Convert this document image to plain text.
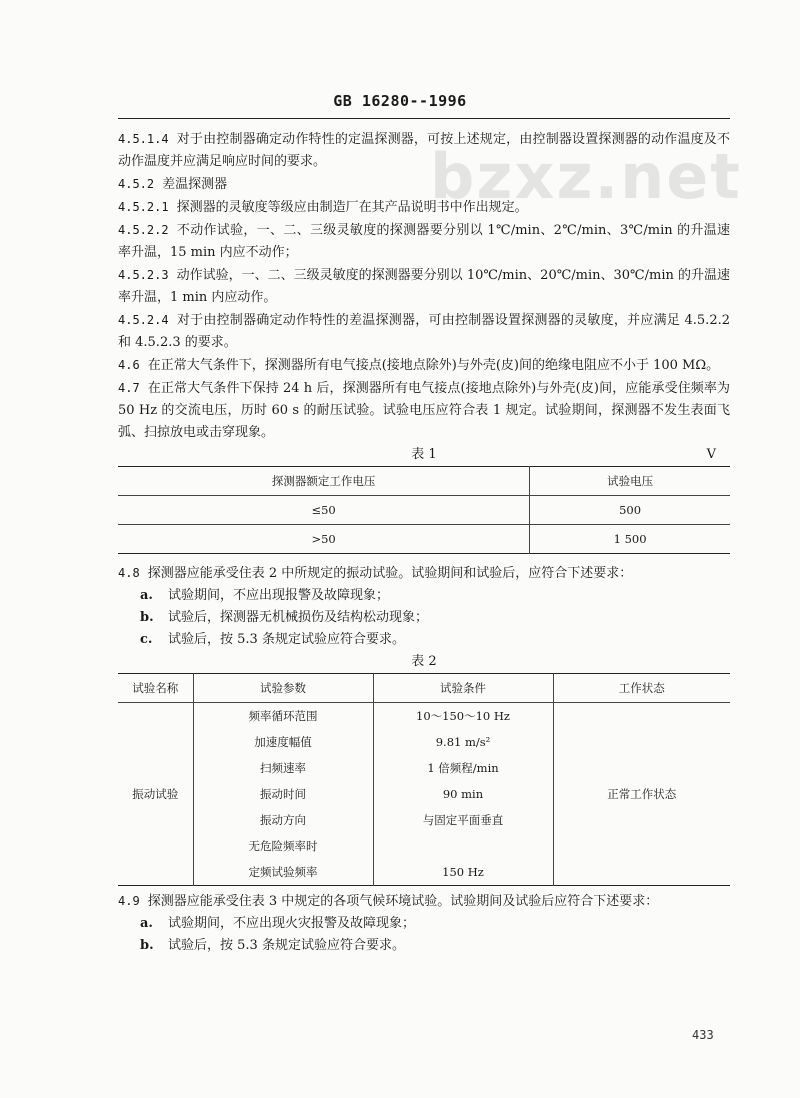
GB 16280--1996
bzxz.net

4.5.1.4 对于由控制器确定动作特性的定温探测器，可按上述规定，由控制器设置探测器的动作温度及不动作温度并应满足响应时间的要求。

4.5.2 差温探测器

4.5.2.1 探测器的灵敏度等级应由制造厂在其产品说明书中作出规定。

4.5.2.2 不动作试验，一、二、三级灵敏度的探测器要分别以 1℃/min、2℃/min、3℃/min 的升温速率升温，15 min 内应不动作；

4.5.2.3 动作试验，一、二、三级灵敏度的探测器要分别以 10℃/min、20℃/min、30℃/min 的升温速率升温，1 min 内应动作。

4.5.2.4 对于由控制器确定动作特性的差温探测器，可由控制器设置探测器的灵敏度，并应满足 4.5.2.2 和 4.5.2.3 的要求。

4.6 在正常大气条件下，探测器所有电气接点(接地点除外)与外壳(皮)间的绝缘电阻应不小于 100 MΩ。

4.7 在正常大气条件下保持 24 h 后，探测器所有电气接点(接地点除外)与外壳(皮)间，应能承受住频率为 50 Hz 的交流电压，历时 60 s 的耐压试验。试验电压应符合表 1 规定。试验期间，探测器不发生表面飞弧、扫掠放电或击穿现象。

表 1	V
探测器额定工作电压	试验电压
≤50	500
>50	1 500

4.8 探测器应能承受住表 2 中所规定的振动试验。试验期间和试验后，应符合下述要求：

a. 试验期间，不应出现报警及故障现象；

b. 试验后，探测器无机械损伤及结构松动现象；

c. 试验后，按 5.3 条规定试验应符合要求。

表 2
试验名称	试验参数	试验条件	工作状态
振动试验	频率循环范围	10～150～10 Hz	正常工作状态
	加速度幅值	9.81 m/s²	
	扫频速率	1 倍频程/min	
	振动时间	90 min	
	振动方向	与固定平面垂直	
	无危险频率时		
	定频试验频率	150 Hz	

4.9 探测器应能承受住表 3 中规定的各项气候环境试验。试验期间及试验后应符合下述要求：

a. 试验期间，不应出现火灾报警及故障现象；

b. 试验后，按 5.3 条规定试验应符合要求。

433
